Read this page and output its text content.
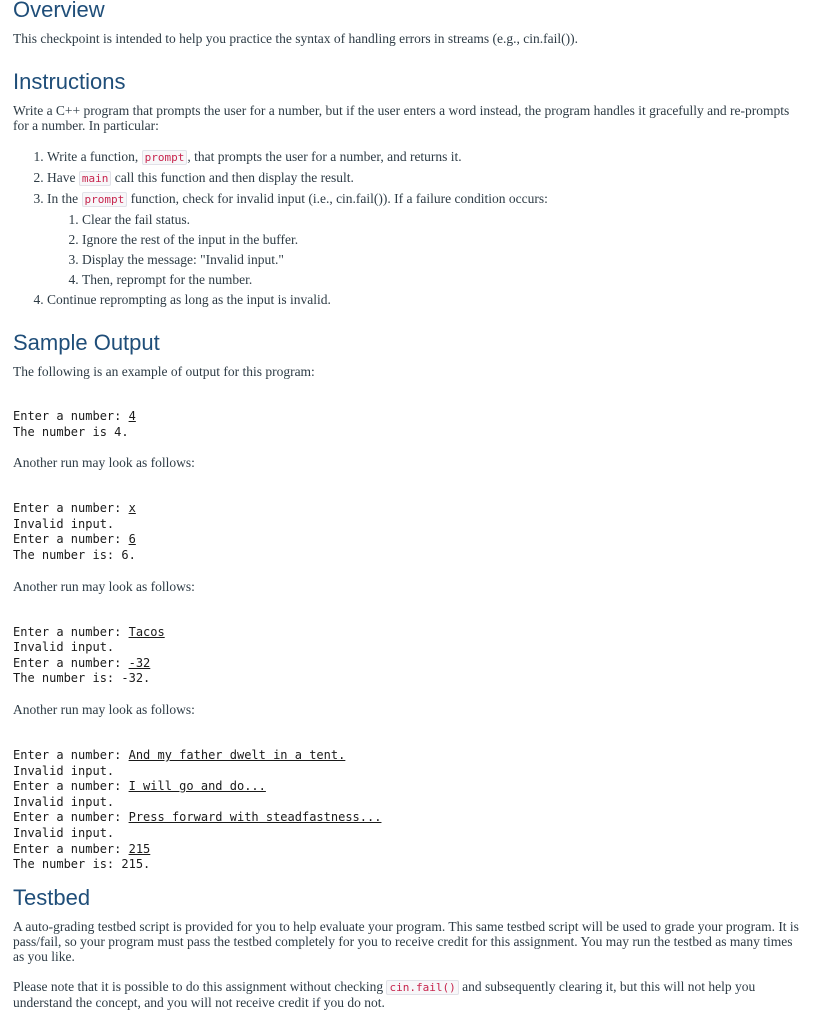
Overview

This checkpoint is intended to help you practice the syntax of handling errors in streams (e.g., cin.fail()).

Instructions

Write a C++ program that prompts the user for a number, but if the user enters a word instead, the program handles it gracefully and re-prompts for a number. In particular:

1. Write a function, prompt , that prompts the user for a number, and returns it.
2. Have main call this function and then display the result.
3. In the prompt function, check for invalid input (i.e., cin.fail()). If a failure condition occurs:
1. Clear the fail status.
2. Ignore the rest of the input in the buffer.
3. Display the message: "Invalid input."
4. Then, reprompt for the number.
4. Continue reprompting as long as the input is invalid.
Sample Output

The following is an example of output for this program:

Enter a number: 4
The number is 4.

Another run may look as follows:

Enter a number: x
Invalid input.
Enter a number: 6
The number is: 6.

Another run may look as follows:

Enter a number: Tacos
Invalid input.
Enter a number: -32
The number is: -32.

Another run may look as follows:

Enter a number: And my father dwelt in a tent.
Invalid input.
Enter a number: I will go and do...
Invalid input.
Enter a number: Press forward with steadfastness...
Invalid input.
Enter a number: 215
The number is: 215.
Testbed

A auto-grading testbed script is provided for you to help evaluate your program. This same testbed script will be used to grade your program. It is pass/fail, so your program must pass the testbed completely for you to receive credit for this assignment. You may run the testbed as many times as you like.

Please note that it is possible to do this assignment without checking cin.fail() and subsequently clearing it, but this will not help you understand the concept, and you will not receive credit if you do not.
